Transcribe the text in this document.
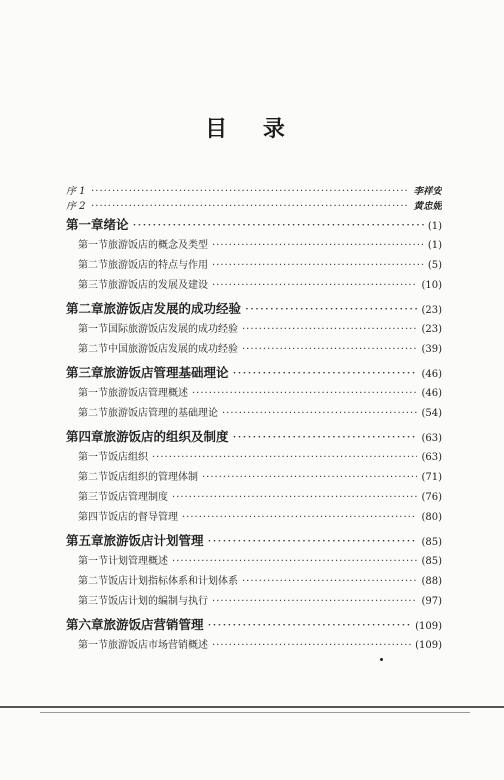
目 录
序 1 ·····	李祥安
序 2 ·····	黄忠妮
第一章 绪论 ·····	(1)
第一节 旅游饭店的概念及类型 ·····	(1)
第二节 旅游饭店的特点与作用 ·····	(5)
第三节 旅游饭店的发展及建设 ·····	(10)
第二章 旅游饭店发展的成功经验 ·····	(23)
第一节 国际旅游饭店发展的成功经验 ·····	(23)
第二节 中国旅游饭店发展的成功经验 ·····	(39)
第三章 旅游饭店管理基础理论 ·····	(46)
第一节 旅游饭店管理概述 ·····	(46)
第二节 旅游饭店管理的基础理论 ·····	(54)
第四章 旅游饭店的组织及制度 ·····	(63)
第一节 饭店组织 ·····	(63)
第二节 饭店组织的管理体制 ·····	(71)
第三节 饭店管理制度 ·····	(76)
第四节 饭店的督导管理 ·····	(80)
第五章 旅游饭店计划管理 ·····	(85)
第一节 计划管理概述 ·····	(85)
第二节 饭店计划指标体系和计划体系 ·····	(88)
第三节 饭店计划的编制与执行 ·····	(97)
第六章 旅游饭店营销管理 ·····	(109)
第一节 旅游饭店市场营销概述 ·····	(109)
